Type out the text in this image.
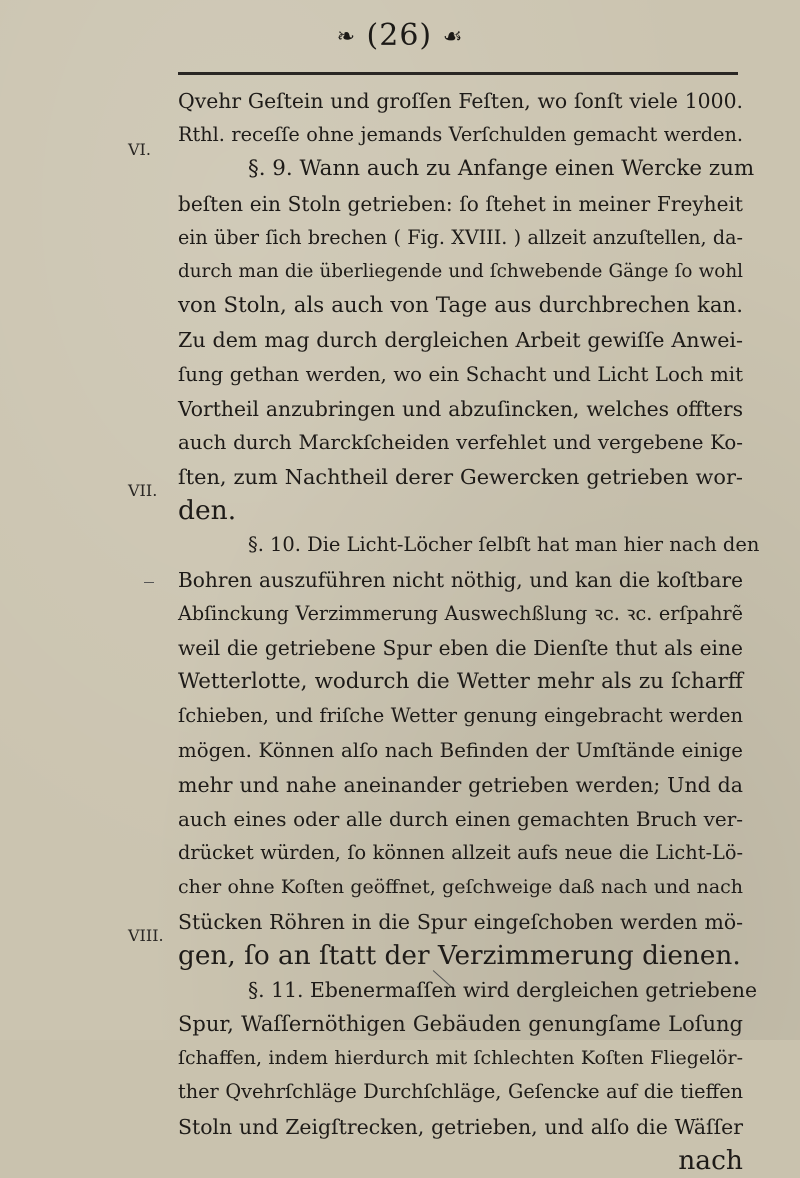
❧ (26) ☙
VI.
VII.
VIII.
Qvehr Geſtein und groſſen Feſten, wo ſonſt viele 1000.
Rthl. receſſe ohne jemands Verſchulden gemacht werden.
§. 9. Wann auch zu Anfange einen Wercke zum
beſten ein Stoln getrieben: ſo ſtehet in meiner Freyheit
ein über ſich brechen ( Fig. XVIII. ) allzeit anzuſtellen, da-
durch man die überliegende und ſchwebende Gänge ſo wohl
von Stoln, als auch von Tage aus durchbrechen kan.
Zu dem mag durch dergleichen Arbeit gewiſſe Anwei-
ſung gethan werden, wo ein Schacht und Licht Loch mit
Vortheil anzubringen und abzuſincken, welches offters
auch durch Marckſcheiden verfehlet und vergebene Ko-
ſten, zum Nachtheil derer Gewercken getrieben wor-
den.
§. 10. Die Licht-Löcher ſelbſt hat man hier nach den
Bohren auszuführen nicht nöthig, und kan die koſtbare
Abſinckung Verzimmerung Auswechßlung ꝛc. ꝛc. erſpahrẽ
weil die getriebene Spur eben die Dienſte thut als eine
Wetterlotte, wodurch die Wetter mehr als zu ſcharff
ſchieben, und friſche Wetter genung eingebracht werden
mögen. Können alſo nach Befinden der Umſtände einige
mehr und nahe aneinander getrieben werden; Und da
auch eines oder alle durch einen gemachten Bruch ver-
drücket würden, ſo können allzeit aufs neue die Licht-Lö-
cher ohne Koſten geöffnet, geſchweige daß nach und nach
Stücken Röhren in die Spur eingeſchoben werden mö-
gen, ſo an ſtatt der Verzimmerung dienen.
§. 11. Ebenermaſſen wird dergleichen getriebene
Spur, Waſſernöthigen Gebäuden genungſame Loſung
ſchaffen, indem hierdurch mit ſchlechten Koſten Fliegelör-
ther Qvehrſchläge Durchſchläge, Geſencke auf die tieffen
Stoln und Zeigſtrecken, getrieben, und alſo die Wäſſer
nach
